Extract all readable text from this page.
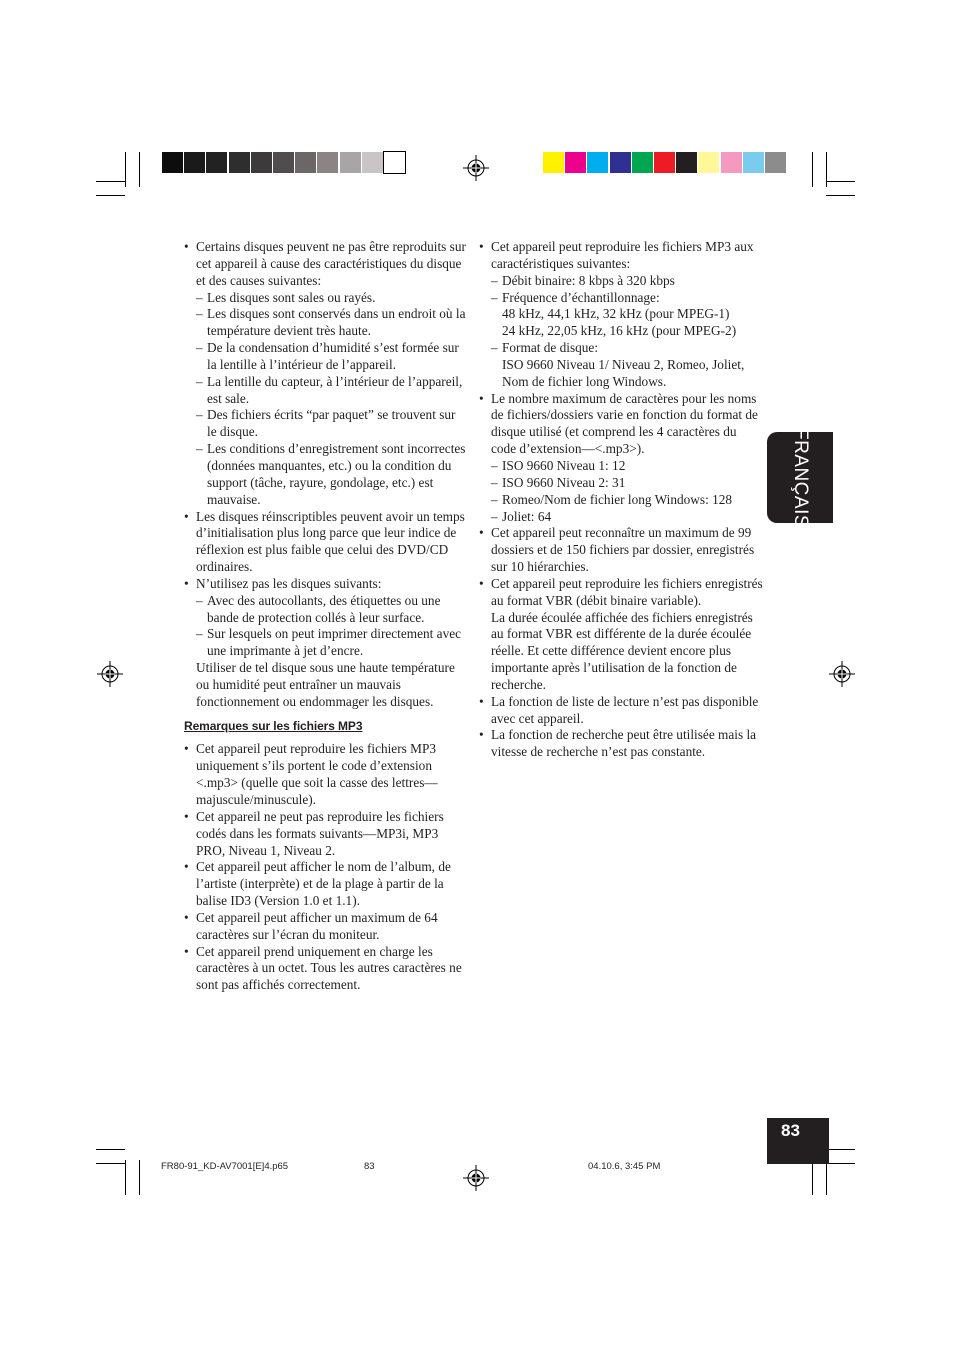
FRANÇAIS

• Certains disques peuvent ne pas être reproduits sur cet appareil à cause des caractéristiques du disque et des causes suivantes:

– Les disques sont sales ou rayés.

– Les disques sont conservés dans un endroit où la température devient très haute.

– De la condensation d’humidité s’est formée sur la lentille à l’intérieur de l’appareil.

– La lentille du capteur, à l’intérieur de l’appareil, est sale.

– Des fichiers écrits “par paquet” se trouvent sur le disque.

– Les conditions d’enregistrement sont incorrectes (données manquantes, etc.) ou la condition du support (tâche, rayure, gondolage, etc.) est mauvaise.

• Les disques réinscriptibles peuvent avoir un temps d’initialisation plus long parce que leur indice de réflexion est plus faible que celui des DVD/CD ordinaires.

• N’utilisez pas les disques suivants:

– Avec des autocollants, des étiquettes ou une bande de protection collés à leur surface.

– Sur lesquels on peut imprimer directement avec une imprimante à jet d’encre.

Utiliser de tel disque sous une haute température ou humidité peut entraîner un mauvais fonctionnement ou endommager les disques.

Remarques sur les fichiers MP3

• Cet appareil peut reproduire les fichiers MP3 uniquement s’ils portent le code d’extension <.mp3> (quelle que soit la casse des lettres—majuscule/minuscule).

• Cet appareil ne peut pas reproduire les fichiers codés dans les formats suivants—MP3i, MP3 PRO, Niveau 1, Niveau 2.

• Cet appareil peut afficher le nom de l’album, de l’artiste (interprète) et de la plage à partir de la balise ID3 (Version 1.0 et 1.1).

• Cet appareil peut afficher un maximum de 64 caractères sur l’écran du moniteur.

• Cet appareil prend uniquement en charge les caractères à un octet. Tous les autres caractères ne sont pas affichés correctement.

• Cet appareil peut reproduire les fichiers MP3 aux caractéristiques suivantes:

– Débit binaire: 8 kbps à 320 kbps

– Fréquence d’échantillonnage:

48 kHz, 44,1 kHz, 32 kHz (pour MPEG-1)

24 kHz, 22,05 kHz, 16 kHz (pour MPEG-2)

– Format de disque:

ISO 9660 Niveau 1/ Niveau 2, Romeo, Joliet, Nom de fichier long Windows.

• Le nombre maximum de caractères pour les noms de fichiers/dossiers varie en fonction du format de disque utilisé (et comprend les 4 caractères du code d’extension—<.mp3>).

– ISO 9660 Niveau 1: 12

– ISO 9660 Niveau 2: 31

– Romeo/Nom de fichier long Windows: 128

– Joliet: 64

• Cet appareil peut reconnaître un maximum de 99 dossiers et de 150 fichiers par dossier, enregistrés sur 10 hiérarchies.

• Cet appareil peut reproduire les fichiers enregistrés au format VBR (débit binaire variable).

La durée écoulée affichée des fichiers enregistrés au format VBR est différente de la durée écoulée réelle. Et cette différence devient encore plus importante après l’utilisation de la fonction de recherche.

• La fonction de liste de lecture n’est pas disponible avec cet appareil.

• La fonction de recherche peut être utilisée mais la vitesse de recherche n’est pas constante.

83
FR80-91_KD-AV7001[E]4.p65	83	04.10.6, 3:45 PM
